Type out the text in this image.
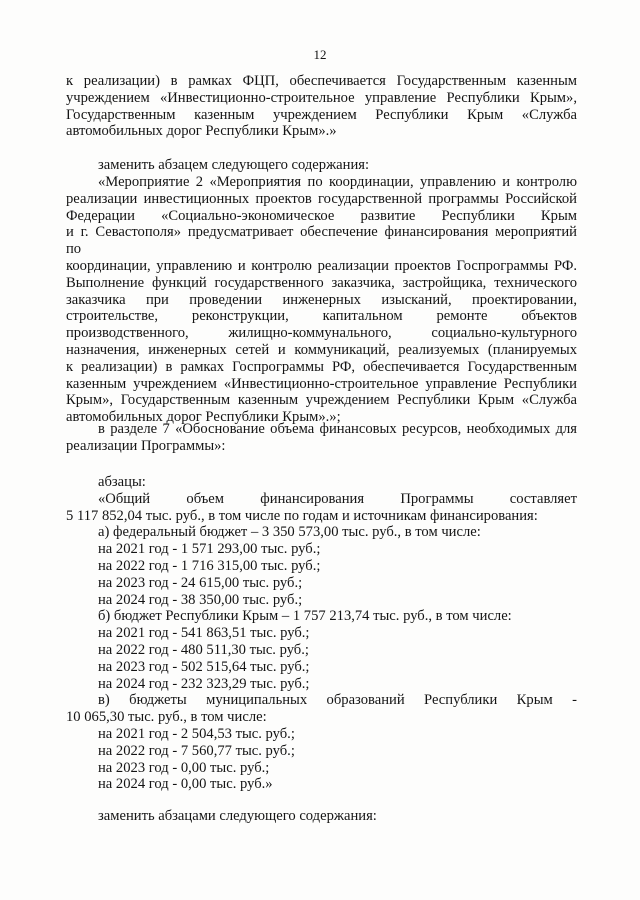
12

к реализации) в рамках ФЦП, обеспечивается Государственным казенным

учреждением «Инвестиционно-строительное управление Республики Крым»,

Государственным казенным учреждением Республики Крым «Служба

автомобильных дорог Республики Крым».»

заменить абзацем следующего содержания:

«Мероприятие 2 «Мероприятия по координации, управлению и контролю

реализации инвестиционных проектов государственной программы Российской

Федерации «Социально-экономическое развитие Республики Крым

и г. Севастополя» предусматривает обеспечение финансирования мероприятий по

координации, управлению и контролю реализации проектов Госпрограммы РФ.

Выполнение функций государственного заказчика, застройщика, технического

заказчика при проведении инженерных изысканий, проектировании,

строительстве, реконструкции, капитальном ремонте объектов

производственного, жилищно-коммунального, социально-культурного

назначения, инженерных сетей и коммуникаций, реализуемых (планируемых

к реализации) в рамках Госпрограммы РФ, обеспечивается Государственным

казенным учреждением «Инвестиционно-строительное управление Республики

Крым», Государственным казенным учреждением Республики Крым «Служба

автомобильных дорог Республики Крым».»;

в разделе 7 «Обоснование объема финансовых ресурсов, необходимых для

реализации Программы»:

абзацы:

«Общий объем финансирования Программы составляет

5 117 852,04 тыс. руб., в том числе по годам и источникам финансирования:

а) федеральный бюджет – 3 350 573,00 тыс. руб., в том числе:

на 2021 год - 1 571 293,00 тыс. руб.;

на 2022 год - 1 716 315,00 тыс. руб.;

на 2023 год - 24 615,00 тыс. руб.;

на 2024 год - 38 350,00 тыс. руб.;

б) бюджет Республики Крым – 1 757 213,74 тыс. руб., в том числе:

на 2021 год - 541 863,51 тыс. руб.;

на 2022 год - 480 511,30 тыс. руб.;

на 2023 год - 502 515,64 тыс. руб.;

на 2024 год - 232 323,29 тыс. руб.;

в) бюджеты муниципальных образований Республики Крым -

10 065,30 тыс. руб., в том числе:

на 2021 год - 2 504,53 тыс. руб.;

на 2022 год - 7 560,77 тыс. руб.;

на 2023 год - 0,00 тыс. руб.;

на 2024 год - 0,00 тыс. руб.»

заменить абзацами следующего содержания:
